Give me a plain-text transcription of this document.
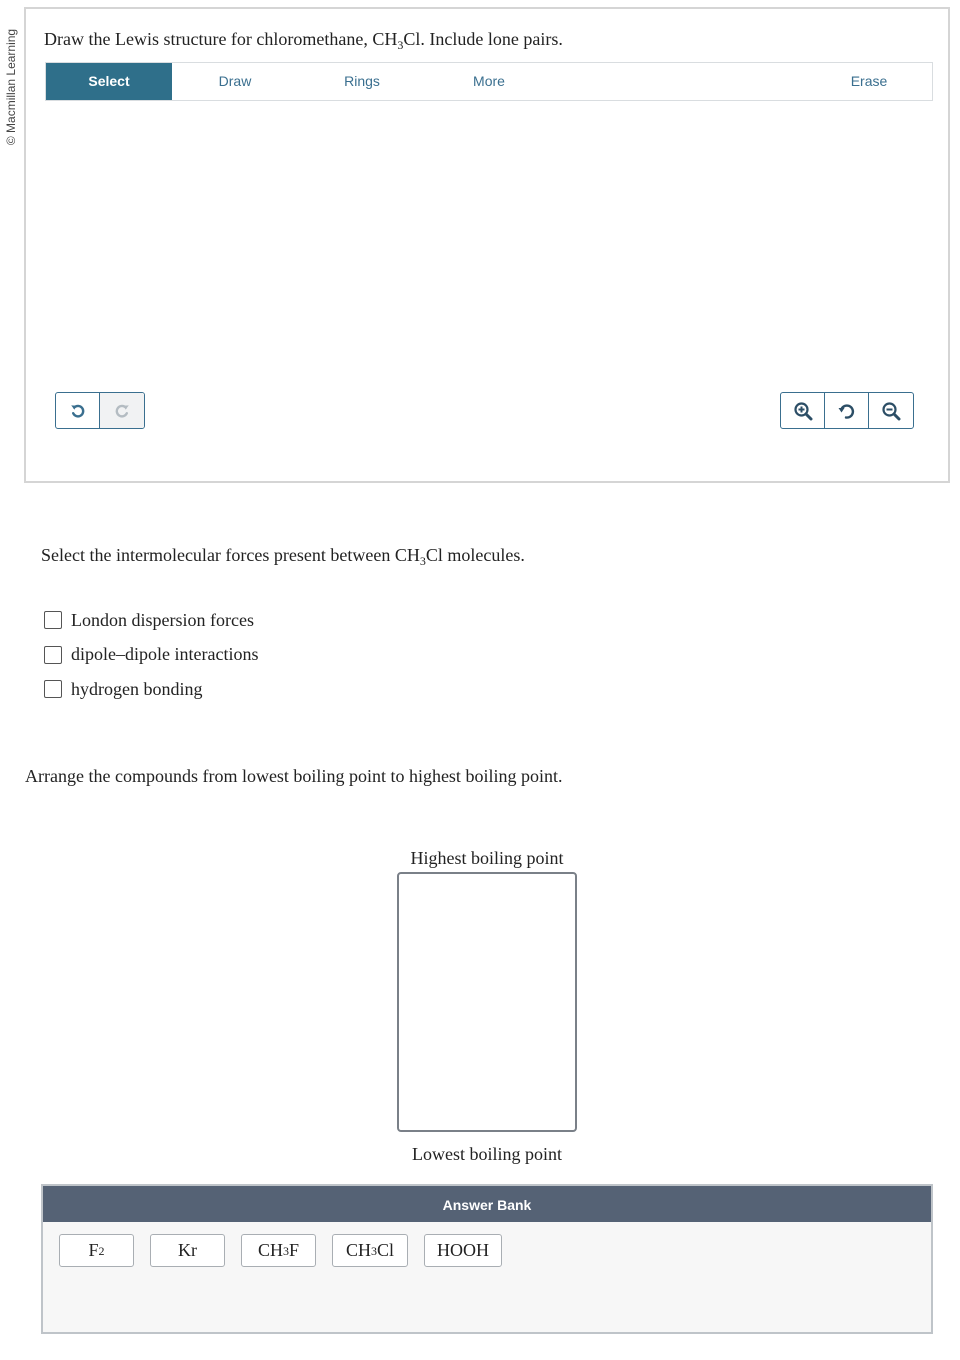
© Macmillan Learning Draw the Lewis structure for chloromethane, $CH_3Cl$. Include lone pairs.
Select	Draw	Rings	More	Erase
Select the intermolecular forces present between $CH_3Cl$ molecules.
London dispersion forces
dipole–dipole interactions
hydrogen bonding
Arrange the compounds from lowest boiling point to highest boiling point.
Highest boiling point
Lowest boiling point
Answer Bank
F 2	Kr	CH 3 F	CH 3 Cl HOOH
